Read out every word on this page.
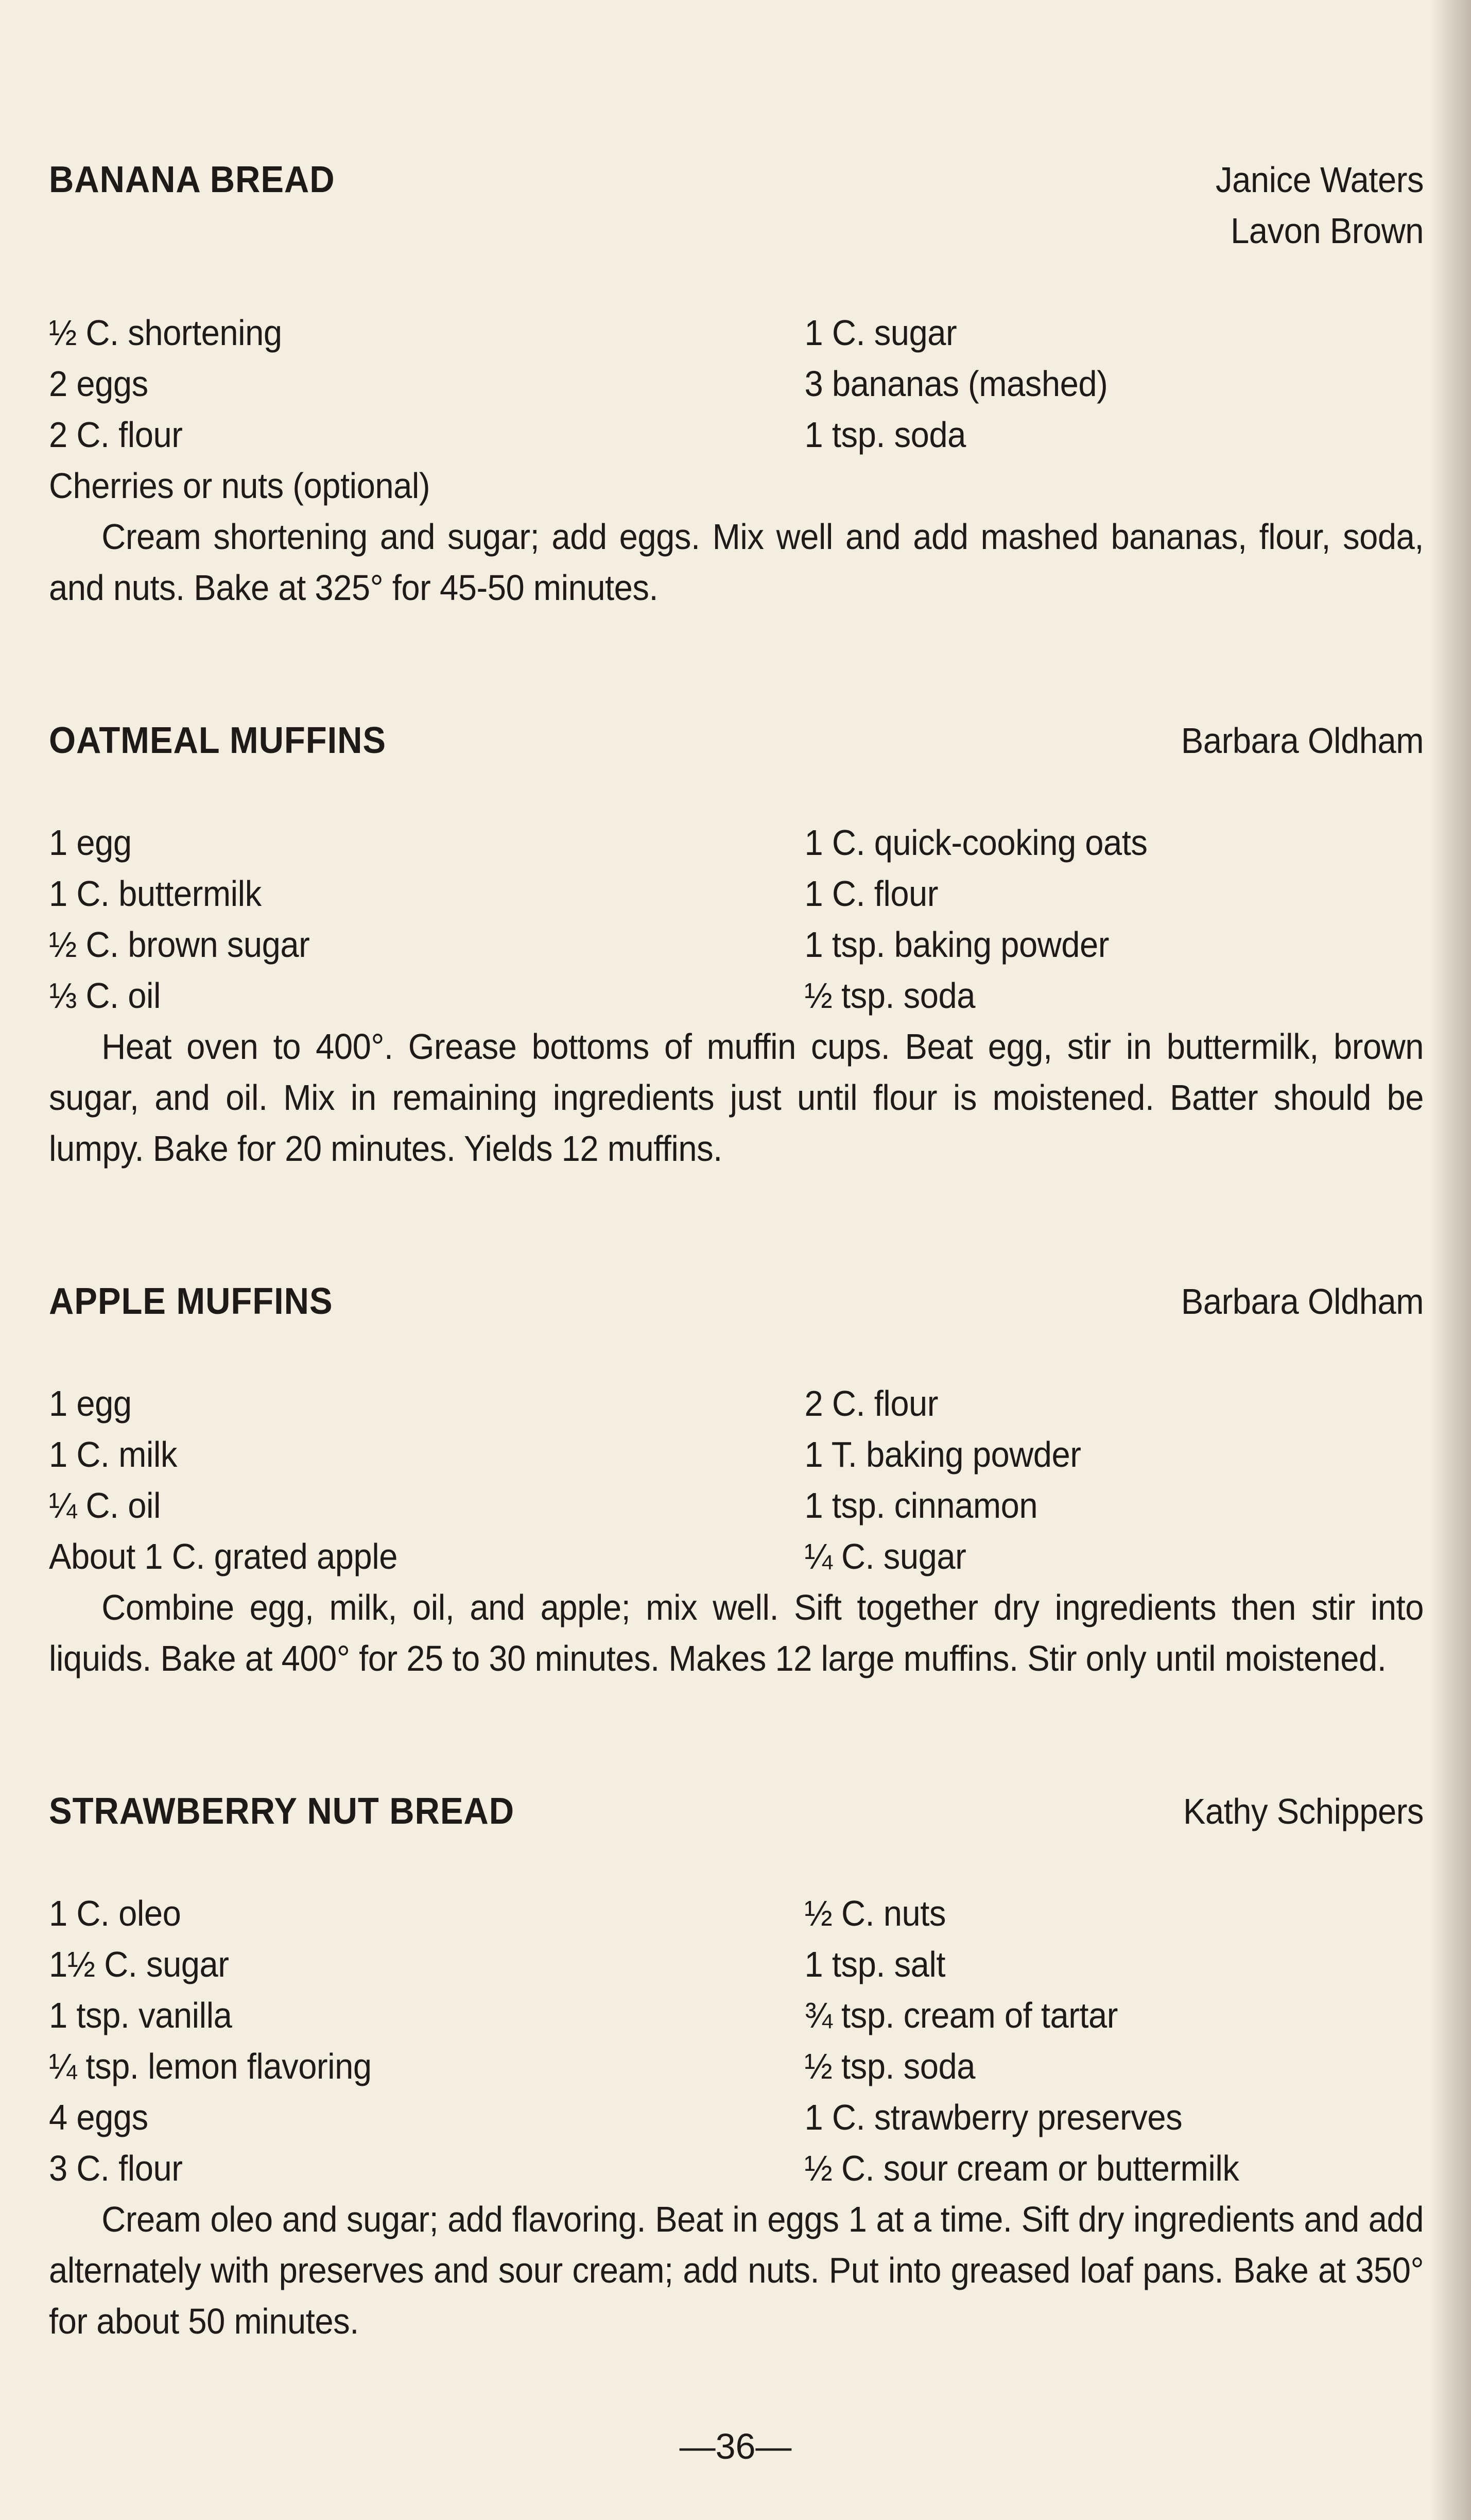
BANANA BREAD	Janice Waters
Lavon Brown
½ C. shortening	1 C. sugar
2 eggs	3 bananas (mashed)
2 C. flour	1 tsp. soda
Cherries or nuts (optional)

Cream shortening and sugar; add eggs. Mix well and add mashed bananas, flour, soda, and nuts. Bake at 325° for 45-50 minutes.

OATMEAL MUFFINS	Barbara Oldham
1 egg	1 C. quick-cooking oats
1 C. buttermilk	1 C. flour
½ C. brown sugar	1 tsp. baking powder
⅓ C. oil	½ tsp. soda

Heat oven to 400°. Grease bottoms of muffin cups. Beat egg, stir in buttermilk, brown sugar, and oil. Mix in remaining ingredients just until flour is moistened. Batter should be lumpy. Bake for 20 minutes. Yields 12 muffins.

APPLE MUFFINS	Barbara Oldham
1 egg	2 C. flour
1 C. milk	1 T. baking powder
¼ C. oil	1 tsp. cinnamon
About 1 C. grated apple	¼ C. sugar

Combine egg, milk, oil, and apple; mix well. Sift together dry ingredients then stir into liquids. Bake at 400° for 25 to 30 minutes. Makes 12 large muffins. Stir only until moistened.

STRAWBERRY NUT BREAD	Kathy Schippers
1 C. oleo	½ C. nuts
1½ C. sugar	1 tsp. salt
1 tsp. vanilla	¾ tsp. cream of tartar
¼ tsp. lemon flavoring	½ tsp. soda
4 eggs	1 C. strawberry preserves
3 C. flour	½ C. sour cream or buttermilk

Cream oleo and sugar; add flavoring. Beat in eggs 1 at a time. Sift dry ingredients and add alternately with preserves and sour cream; add nuts. Put into greased loaf pans. Bake at 350° for about 50 minutes.

—36—
